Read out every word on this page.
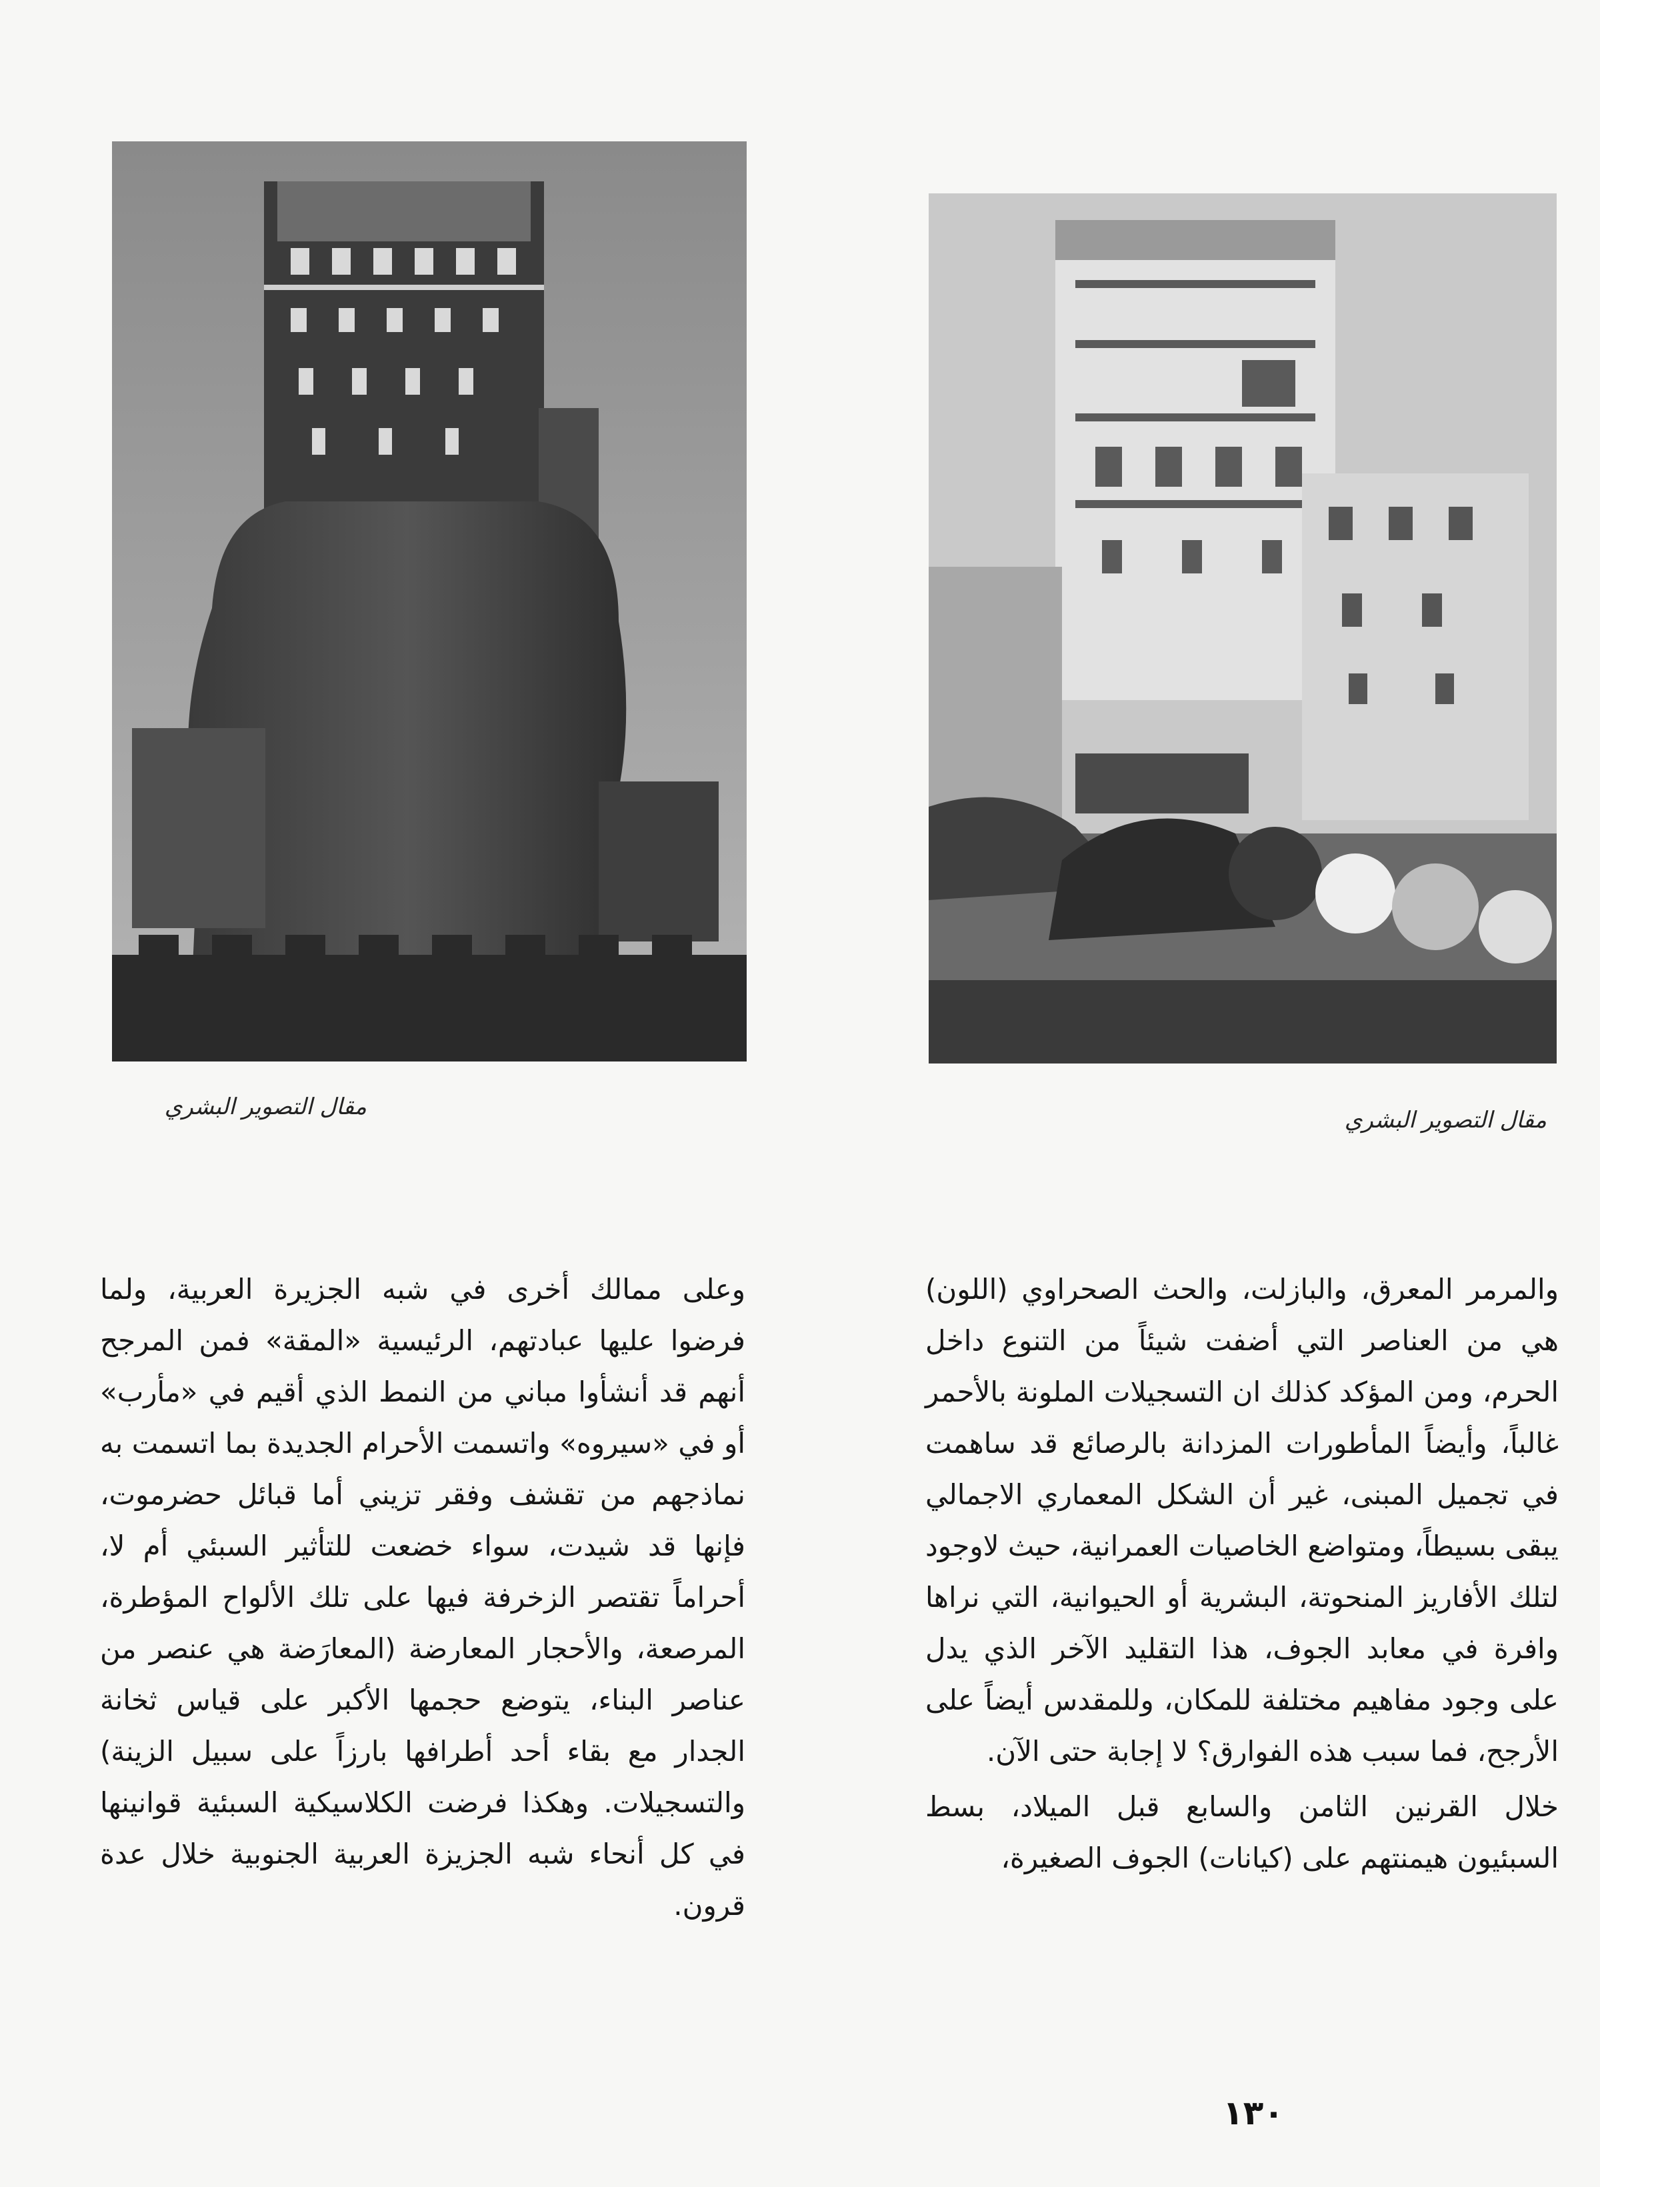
مقال التصوير البشري	مقال التصوير البشري

والمرمر المعرق، والبازلت، والحث الصحراوي (اللون) هي من العناصر التي أضفت شيئاً من التنوع داخل الحرم، ومن المؤكد كذلك ان التسجيلات الملونة بالأحمر غالباً، وأيضاً المأطورات المزدانة بالرصائع قد ساهمت في تجميل المبنى، غير أن الشكل المعماري الاجمالي يبقى بسيطاً، ومتواضع الخاصيات العمرانية، حيث لاوجود لتلك الأفاريز المنحوتة، البشرية أو الحيوانية، التي نراها وافرة في معابد الجوف، هذا التقليد الآخر الذي يدل على وجود مفاهيم مختلفة للمكان، وللمقدس أيضاً على الأرجح، فما سبب هذه الفوارق؟ لا إجابة حتى الآن.

خلال القرنين الثامن والسابع قبل الميلاد، بسط السبئيون هيمنتهم على (كيانات) الجوف الصغيرة،

وعلى ممالك أخرى في شبه الجزيرة العربية، ولما فرضوا عليها عبادتهم، الرئيسية «المقة» فمن المرجح أنهم قد أنشأوا مباني من النمط الذي أقيم في «مأرب» أو في «سيروه» واتسمت الأحرام الجديدة بما اتسمت به نماذجهم من تقشف وفقر تزيني أما قبائل حضرموت، فإنها قد شيدت، سواء خضعت للتأثير السبئي أم لا، أحراماً تقتصر الزخرفة فيها على تلك الألواح المؤطرة، المرصعة، والأحجار المعارضة (المعارَضة هي عنصر من عناصر البناء، يتوضع حجمها الأكبر على قياس ثخانة الجدار مع بقاء أحد أطرافها بارزاً على سبيل الزينة) والتسجيلات. وهكذا فرضت الكلاسيكية السبئية قوانينها في كل أنحاء شبه الجزيزة العربية الجنوبية خلال عدة قرون.

١٣٠
